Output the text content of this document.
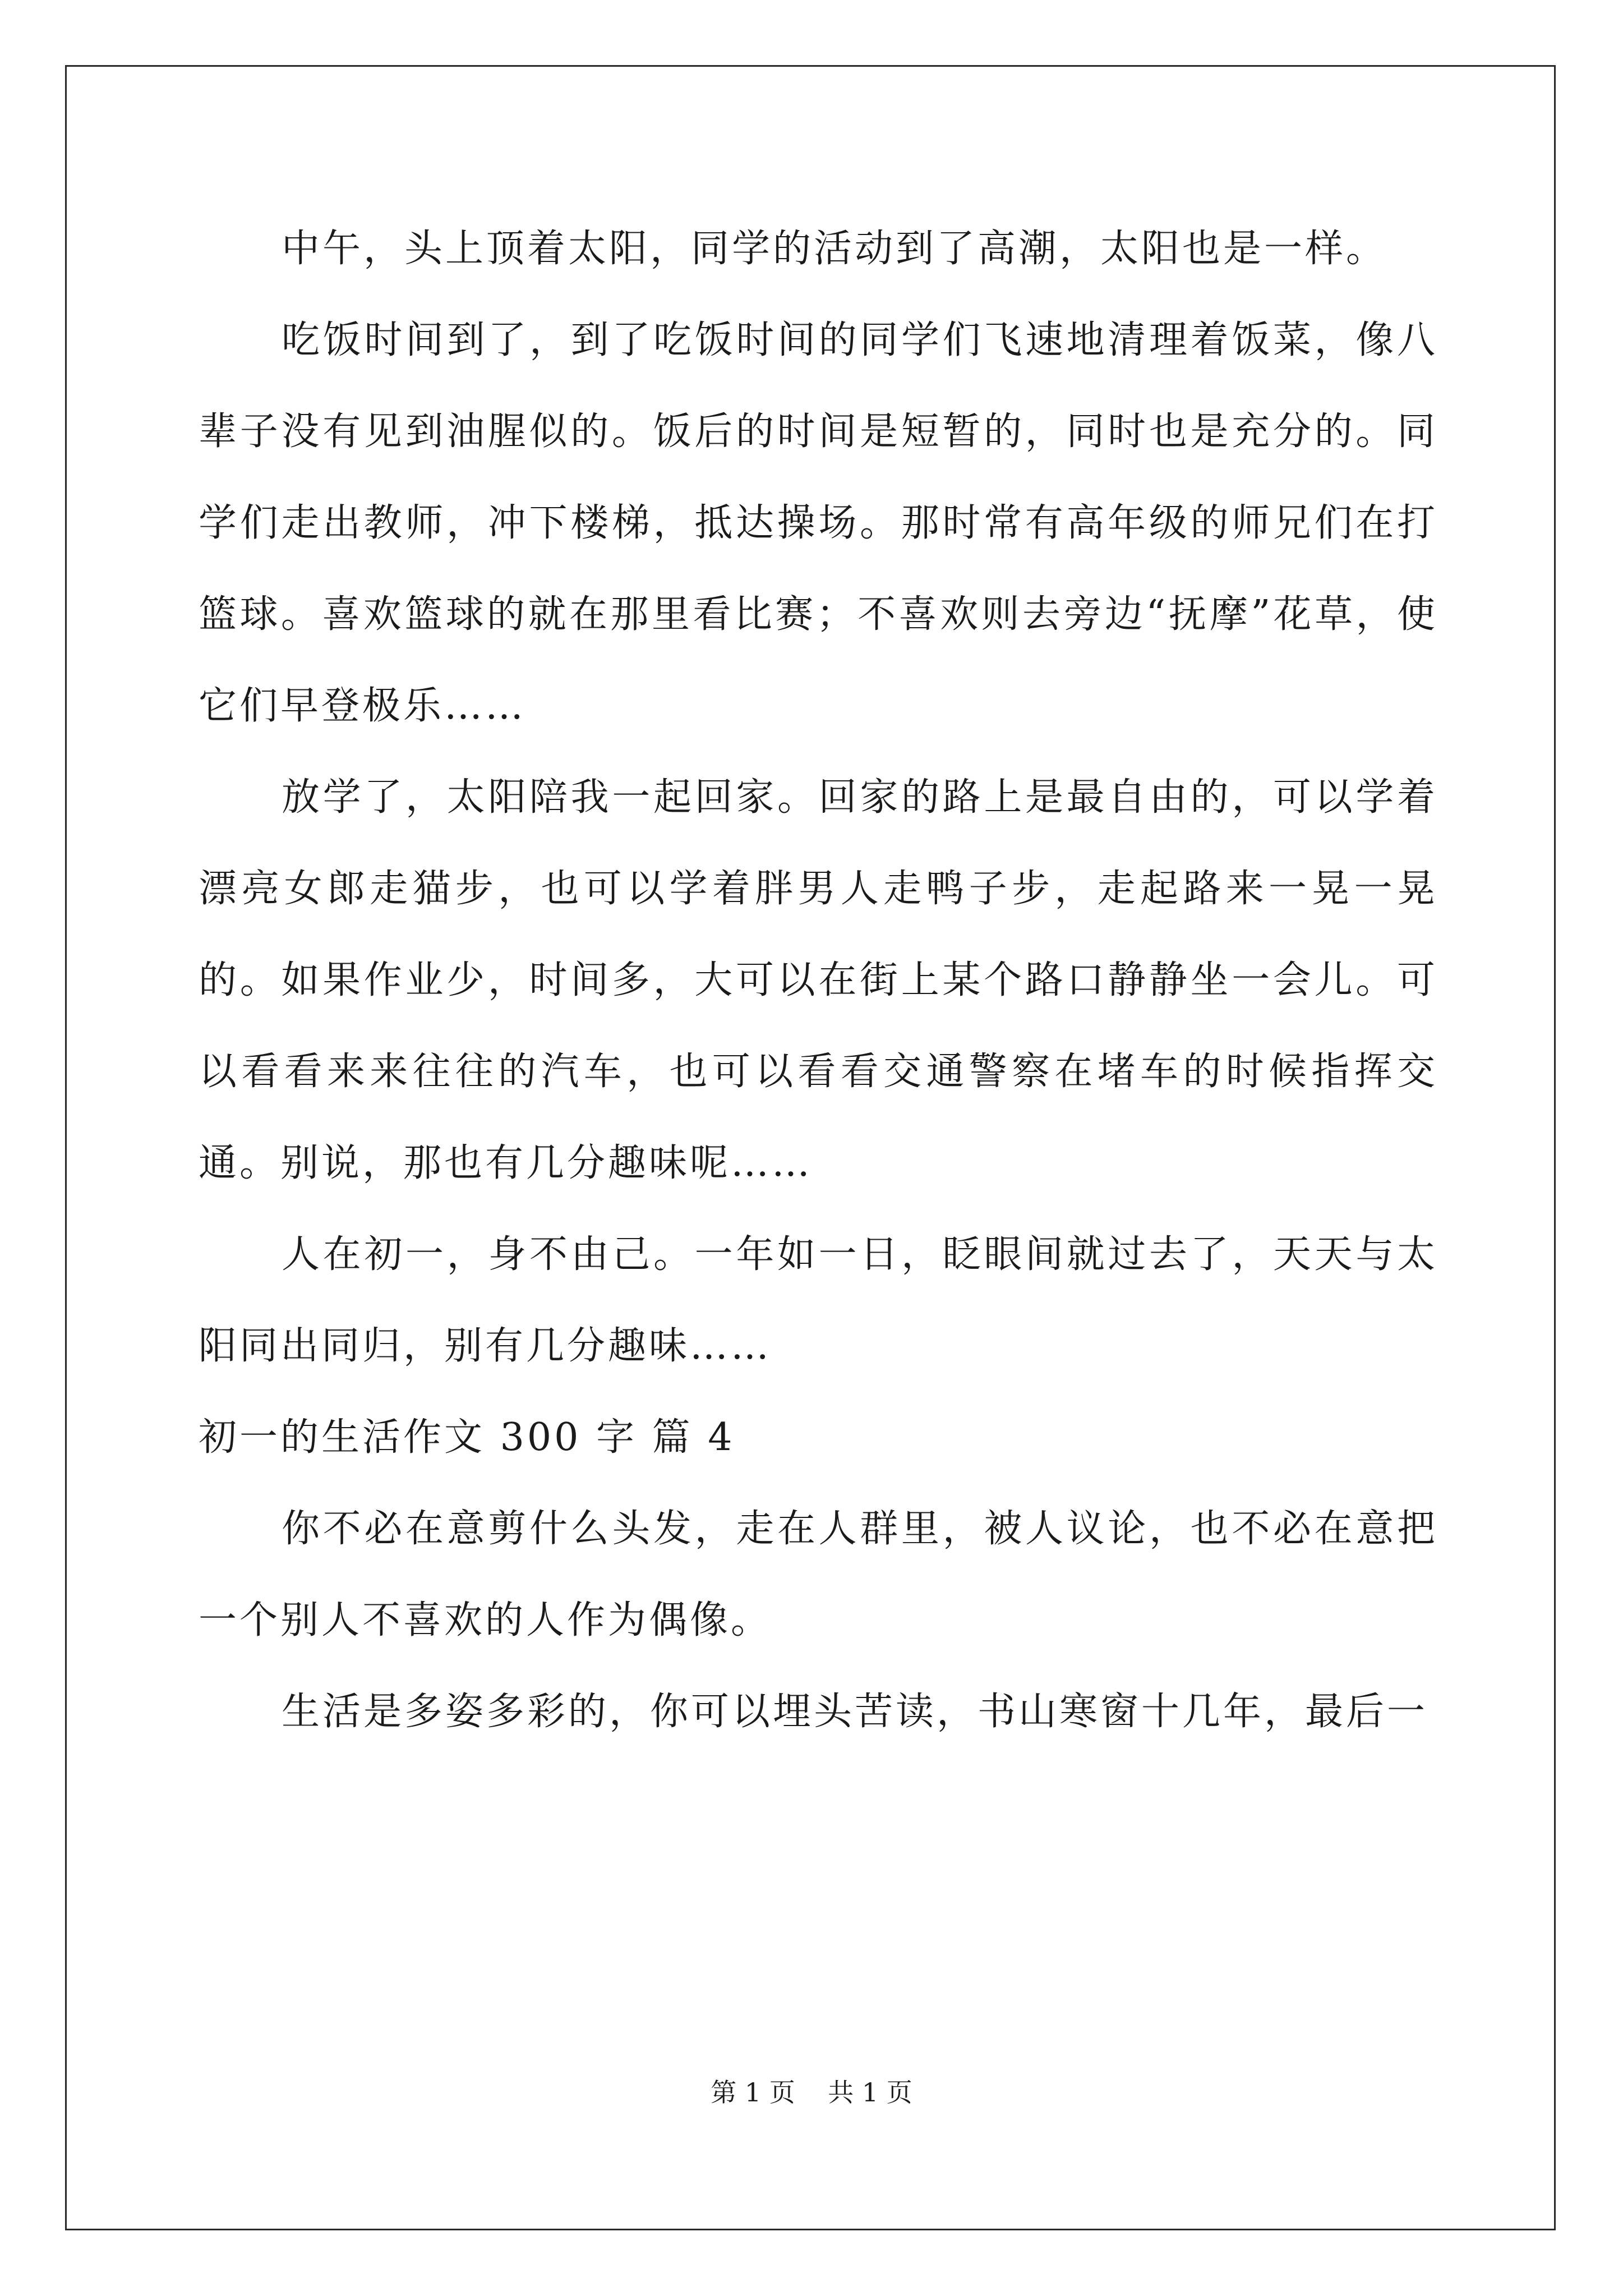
中午，头上顶着太阳，同学的活动到了高潮，太阳也是一样。

吃饭时间到了，到了吃饭时间的同学们飞速地清理着饭菜，像八辈子没有见到油腥似的。饭后的时间是短暂的，同时也是充分的。同学们走出教师，冲下楼梯，抵达操场。那时常有高年级的师兄们在打篮球。喜欢篮球的就在那里看比赛；不喜欢则去旁边“抚摩”花草，使它们早登极乐……

放学了，太阳陪我一起回家。回家的路上是最自由的，可以学着漂亮女郎走猫步，也可以学着胖男人走鸭子步，走起路来一晃一晃的。如果作业少，时间多，大可以在街上某个路口静静坐一会儿。可以看看来来往往的汽车，也可以看看交通警察在堵车的时候指挥交通。别说，那也有几分趣味呢……

人在初一，身不由己。一年如一日，眨眼间就过去了，天天与太阳同出同归，别有几分趣味……

初一的生活作文 300 字 篇 4

你不必在意剪什么头发，走在人群里，被人议论，也不必在意把一个别人不喜欢的人作为偶像。

生活是多姿多彩的，你可以埋头苦读，书山寒窗十几年，最后一

第 1 页    共 1 页
